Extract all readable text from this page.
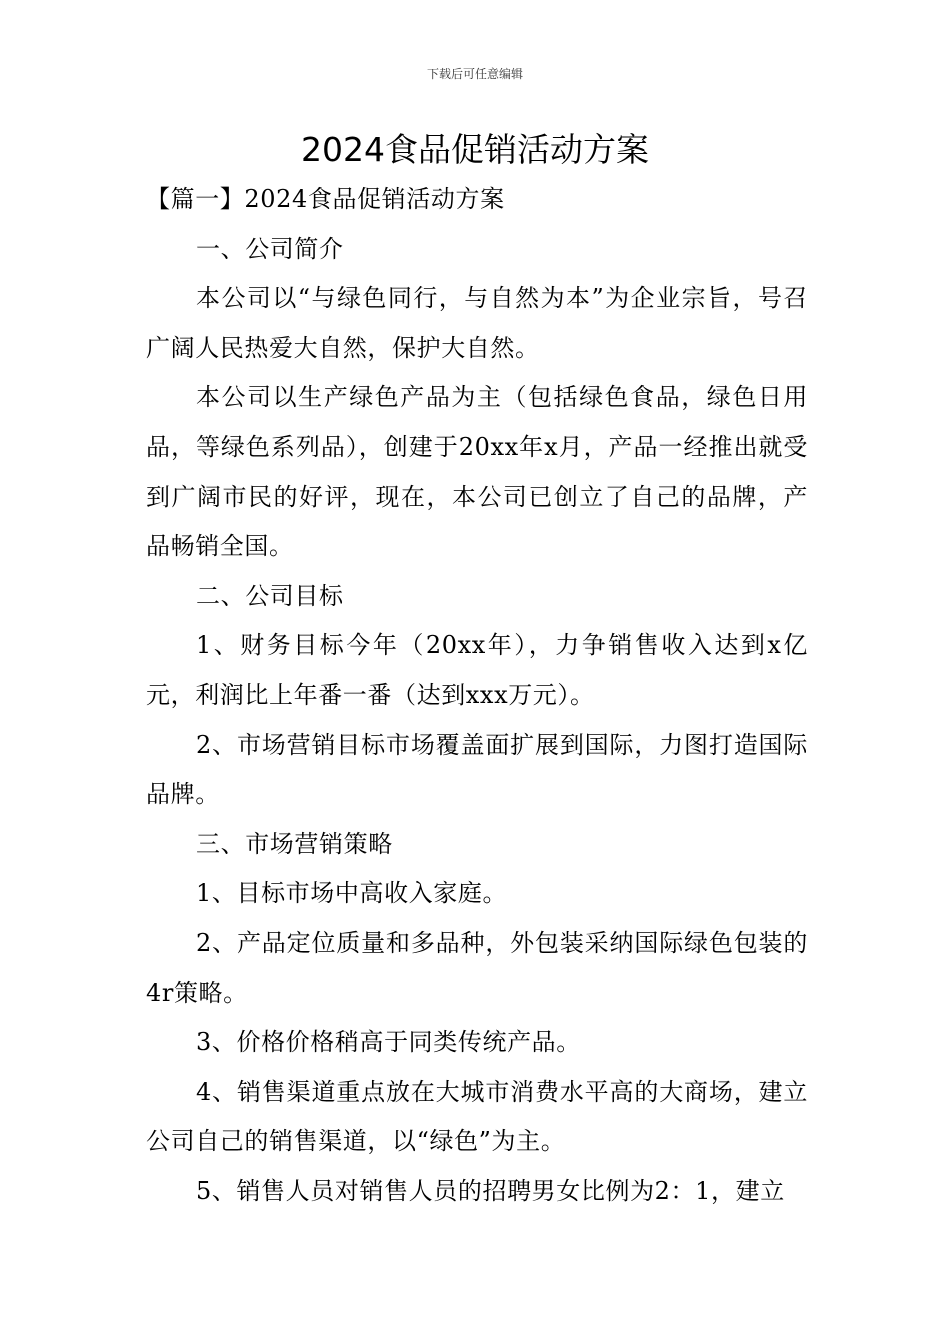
下载后可任意编辑
2024食品促销活动方案

【篇一】2024食品促销活动方案

一、公司简介

本公司以“与绿色同行，与自然为本”为企业宗旨，号召广阔人民热爱大自然，保护大自然。

本公司以生产绿色产品为主（包括绿色食品，绿色日用品，等绿色系列品），创建于20xx年x月，产品一经推出就受到广阔市民的好评，现在，本公司已创立了自己的品牌，产品畅销全国。

二、公司目标

1、财务目标今年（20xx年），力争销售收入达到x亿元，利润比上年番一番（达到xxx万元）。

2、市场营销目标市场覆盖面扩展到国际，力图打造国际品牌。

三、市场营销策略

1、目标市场中高收入家庭。

2、产品定位质量和多品种，外包装采纳国际绿色包装的4r策略。

3、价格价格稍高于同类传统产品。

4、销售渠道重点放在大城市消费水平高的大商场，建立公司自己的销售渠道，以“绿色”为主。

5、销售人员对销售人员的招聘男女比例为2：1，建立
